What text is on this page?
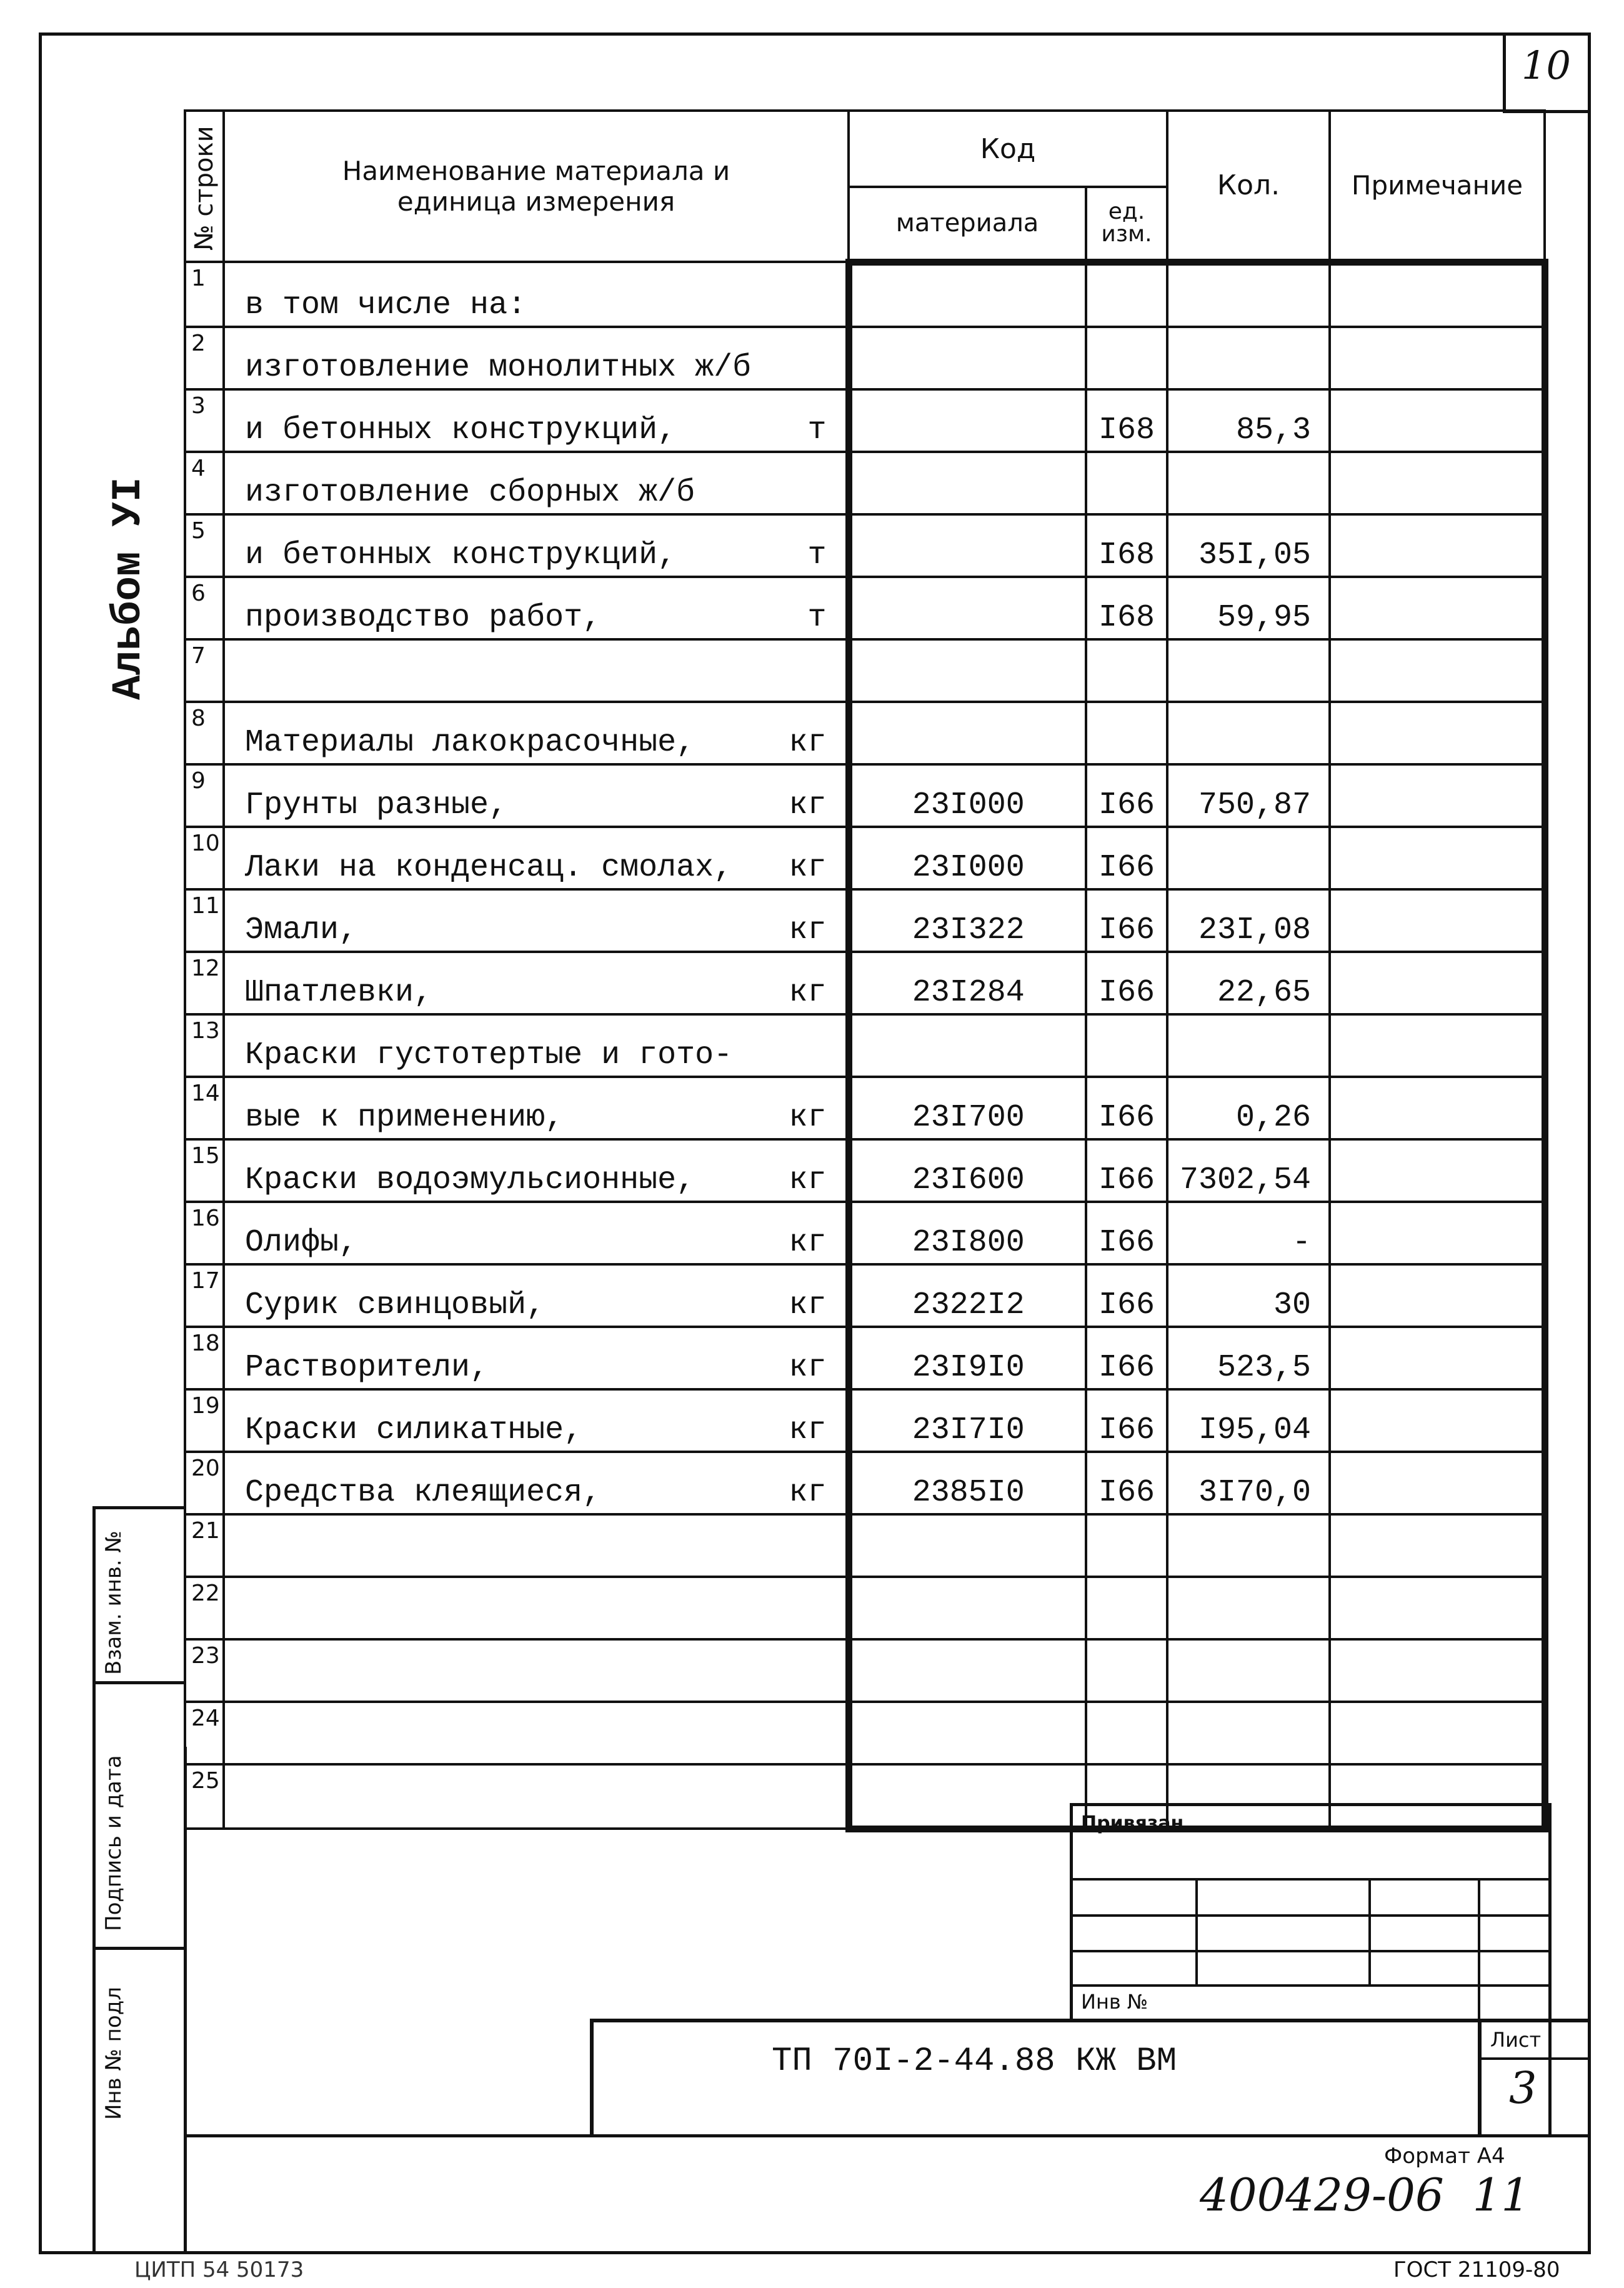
10
Альбом УI
№ строки	Наименование материала и единица измерения	Код		Кол.	Примечание
		материала	ед. изм.		

1	в том числе на:

2	изготовление монолитных ж/б

3	и бетонных конструкций, т		I68	85,3	

4	изготовление сборных ж/б

5	и бетонных конструкций, т		I68	35I,05	

6	производство работ, т		I68	59,95	

7					

8	Материалы лакокрасочные, кг				

9	Грунты разные, кг	23I000	I66	750,87	

10	Лаки на конденсац. смолах, кг	23I000	I66		

11	Эмали, кг	23I322	I66	23I,08	

12	Шпатлевки, кг	23I284	I66	22,65	

13	Краски густотертые и гото-

14	вые к применению, кг	23I700	I66	0,26	

15	Краски водоэмульсионные, кг	23I600	I66	7302,54	

16	Олифы, кг	23I800	I66	-	

17	Сурик свинцовый, кг	2322I2	I66	30	

18	Растворители, кг	23I9I0	I66	523,5	

19	Краски силикатные, кг	23I7I0	I66	I95,04	

20	Средства клеящиеся, кг	2385I0	I66	3I70,0	

21					

22					

23					

24					

25					

Взам. инв. №
Подпись и дата
Инв № подл
Привязан
Инв №
ТП 70I-2-44.88 КЖ ВМ
Лист
3
Формат А4
400429-06  11
ЦИТП 54 50173	ГОСТ 21109-80
